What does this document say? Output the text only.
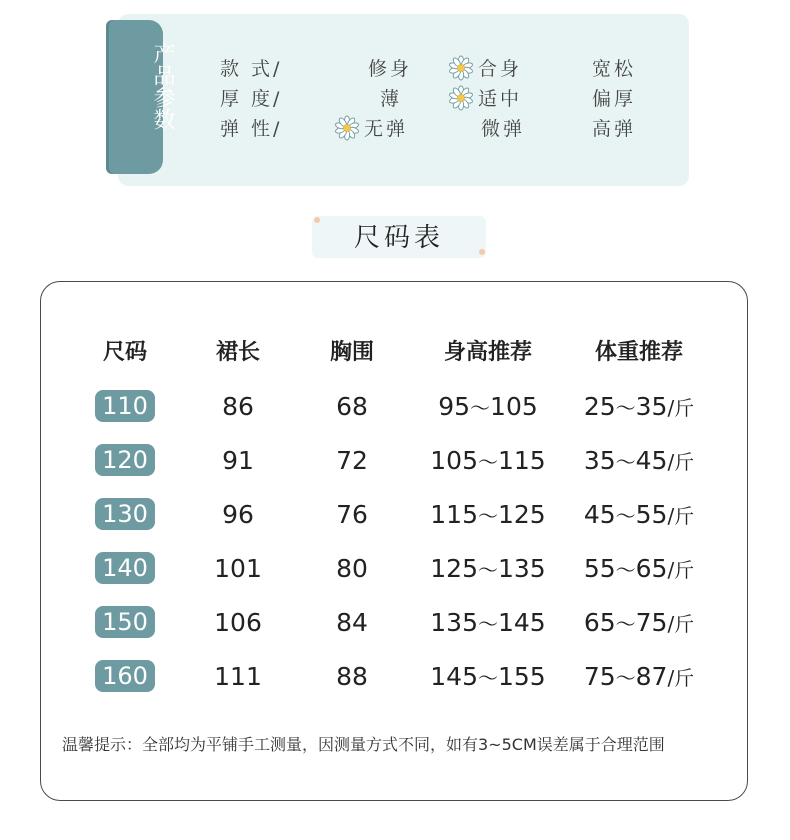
产品参数 款 式/	修身	合身	宽松
厚 度/	薄	适中	偏厚
弹 性/	无弹	微弹	高弹
尺码表
尺码	裙长	胸围	身高推荐	体重推荐
110	86	68	95～105	25～35/斤
120	91	72	105～115	35～45/斤
130	96	76	115～125	45～55/斤
140	101	80	125～135	55～65/斤
150	106	84	135～145	65～75/斤
160	111	88	145～155	75～87/斤
温馨提示：全部均为平铺手工测量，因测量方式不同，如有3~5CM误差属于合理范围
